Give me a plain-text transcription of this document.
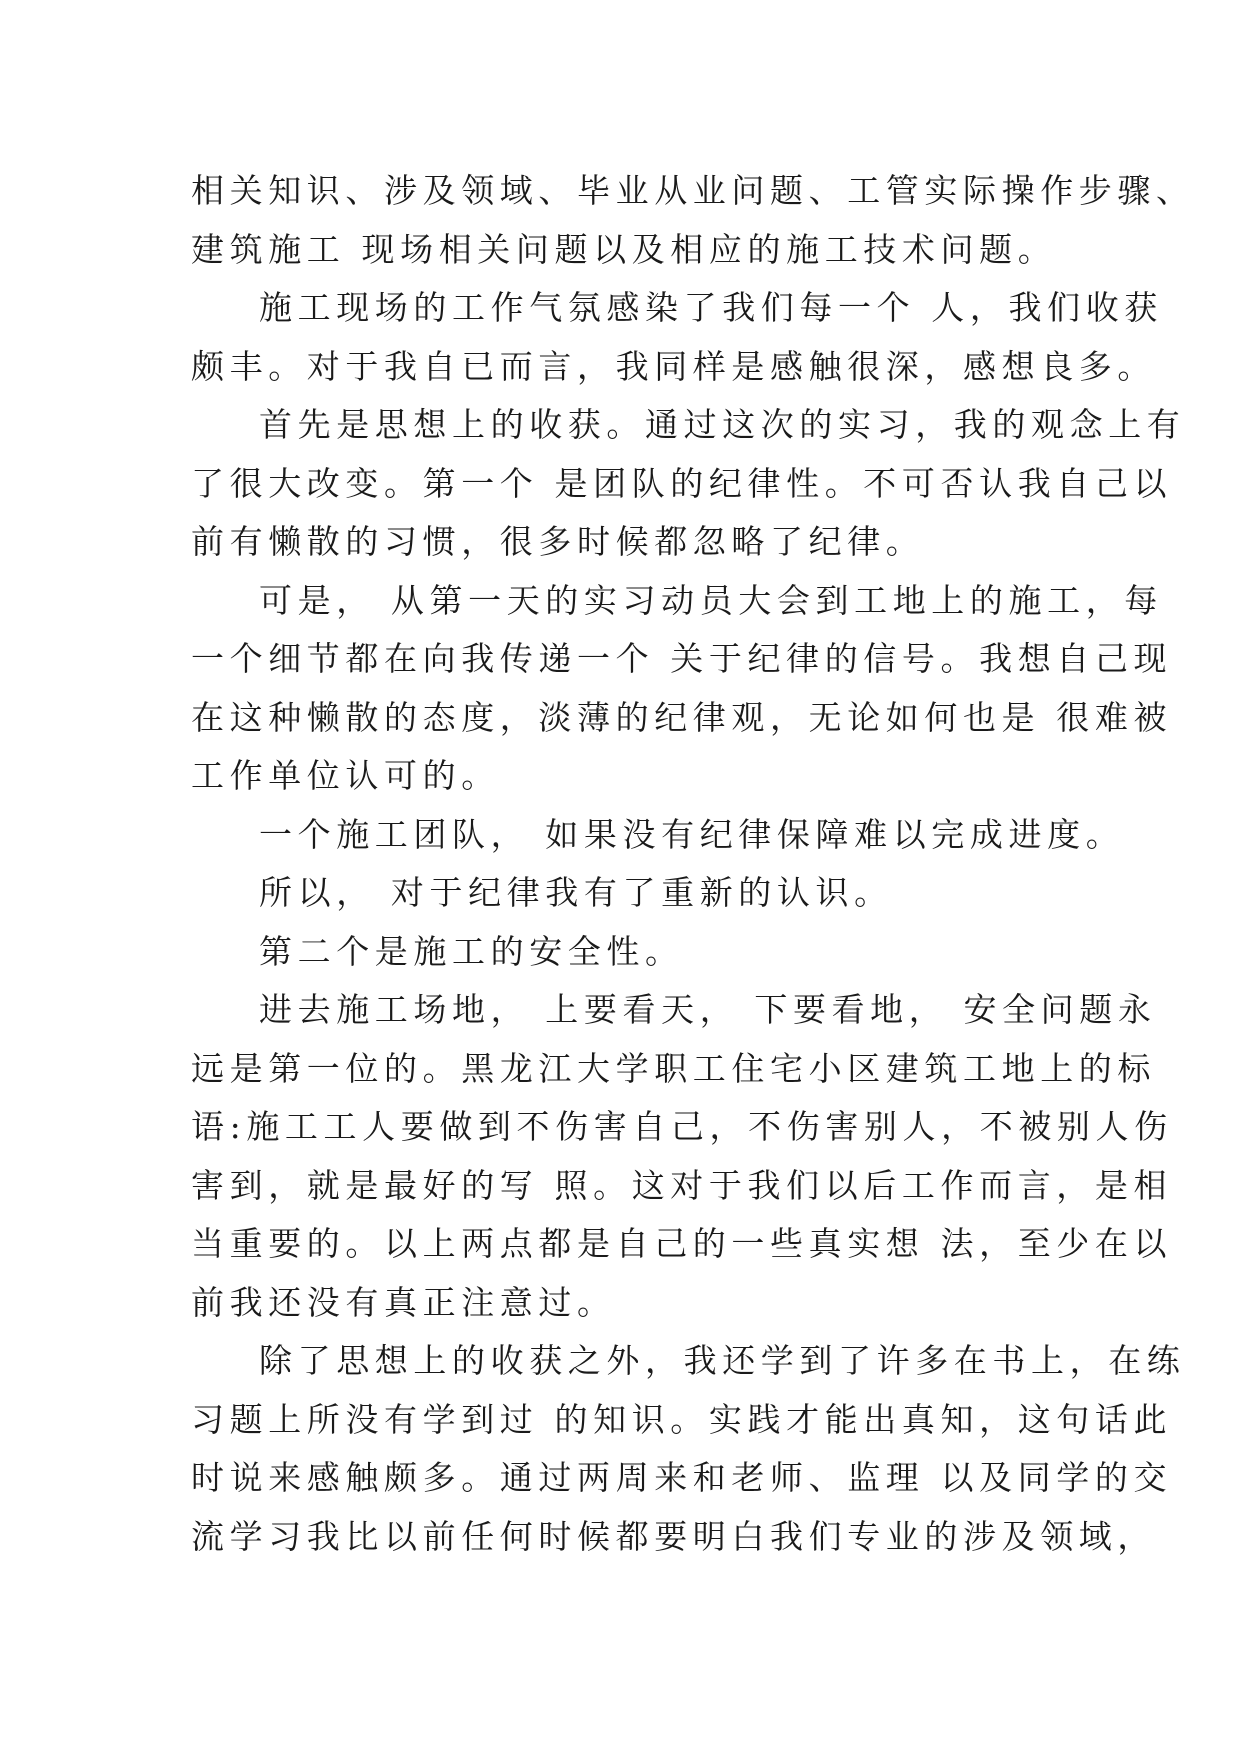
相关知识、涉及领域、毕业从业问题、工管实际操作步骤、
建筑施工 现场相关问题以及相应的施工技术问题。
施工现场的工作气氛感染了我们每一个 人，我们收获
颇丰。对于我自已而言，我同样是感触很深，感想良多。
首先是思想上的收获。通过这次的实习，我的观念上有
了很大改变。第一个 是团队的纪律性。不可否认我自己以
前有懒散的习惯，很多时候都忽略了纪律。
可是， 从第一天的实习动员大会到工地上的施工，每
一个细节都在向我传递一个 关于纪律的信号。我想自己现
在这种懒散的态度，淡薄的纪律观，无论如何也是 很难被
工作单位认可的。
一个施工团队， 如果没有纪律保障难以完成进度。
所以， 对于纪律我有了重新的认识。
第二个是施工的安全性。
进去施工场地， 上要看天， 下要看地， 安全问题永
远是第一位的。黑龙江大学职工住宅小区建筑工地上的标
语:施工工人要做到不伤害自己，不伤害别人，不被别人伤
害到，就是最好的写 照。这对于我们以后工作而言，是相
当重要的。以上两点都是自己的一些真实想 法，至少在以
前我还没有真正注意过。
除了思想上的收获之外，我还学到了许多在书上，在练
习题上所没有学到过 的知识。实践才能出真知，这句话此
时说来感触颇多。通过两周来和老师、监理 以及同学的交
流学习我比以前任何时候都要明白我们专业的涉及领域，
